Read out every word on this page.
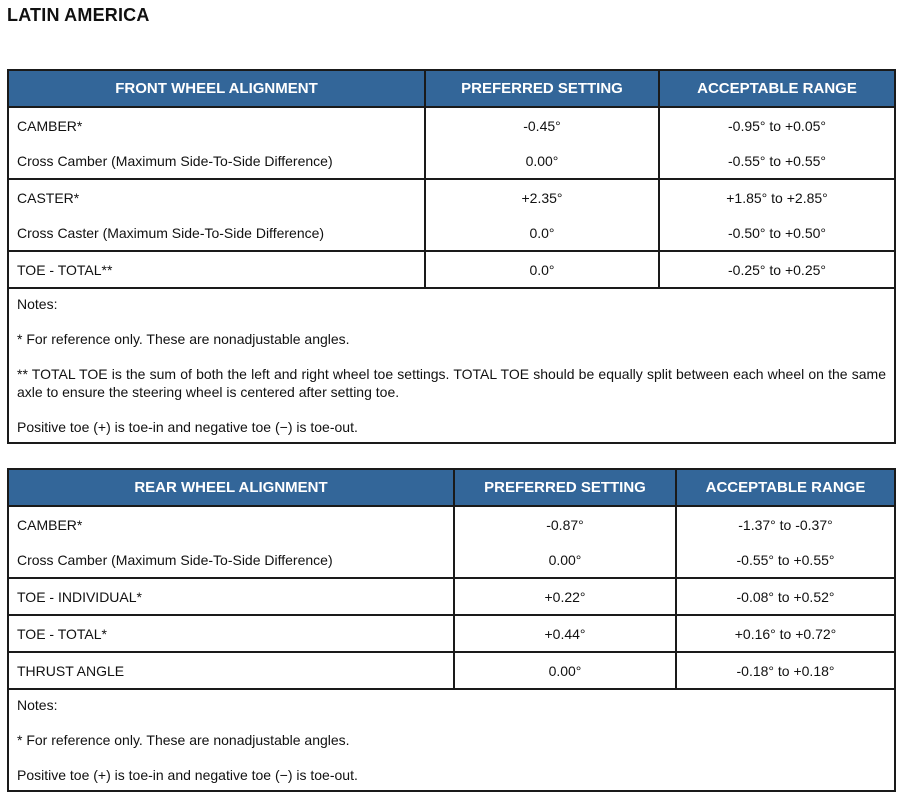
LATIN AMERICA
FRONT WHEEL ALIGNMENT	PREFERRED SETTING	ACCEPTABLE RANGE
CAMBER*	-0.45°	-0.95° to +0.05°
Cross Camber (Maximum Side-To-Side Difference)	0.00°	-0.55° to +0.55°
CASTER*	+2.35°	+1.85° to +2.85°
Cross Caster (Maximum Side-To-Side Difference)	0.0°	-0.50° to +0.50°
TOE - TOTAL**	0.0°	-0.25° to +0.25°

Notes:

* For reference only. These are nonadjustable angles.

** TOTAL TOE is the sum of both the left and right wheel toe settings. TOTAL TOE should be equally split between each wheel on the same axle to ensure the steering wheel is centered after setting toe.

Positive toe (+) is toe-in and negative toe (−) is toe-out.		

REAR WHEEL ALIGNMENT	PREFERRED SETTING	ACCEPTABLE RANGE
CAMBER*	-0.87°	-1.37° to -0.37°
Cross Camber (Maximum Side-To-Side Difference)	0.00°	-0.55° to +0.55°
TOE - INDIVIDUAL*	+0.22°	-0.08° to +0.52°
TOE - TOTAL*	+0.44°	+0.16° to +0.72°
THRUST ANGLE	0.00°	-0.18° to +0.18°

Notes:

* For reference only. These are nonadjustable angles.

Positive toe (+) is toe-in and negative toe (−) is toe-out.		
